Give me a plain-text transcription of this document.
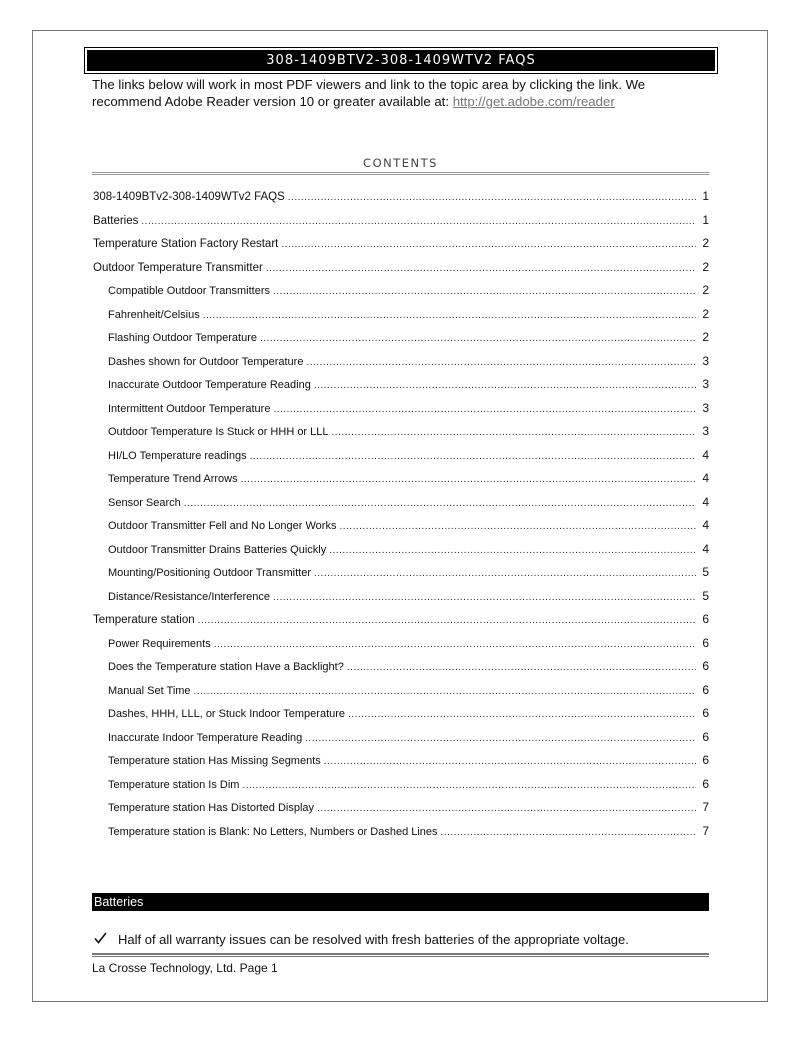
308-1409BTV2-308-1409WTV2 FAQS
The links below will work in most PDF viewers and link to the topic area by clicking the link. We recommend Adobe Reader version 10 or greater available at: http://get.adobe.com/reader
CONTENTS
308-1409BTv2-308-1409WTv2 FAQS .....	1
Batteries .....	1
Temperature Station Factory Restart .....	2
Outdoor Temperature Transmitter .....	2
Compatible Outdoor Transmitters .....	2
Fahrenheit/Celsius .....	2
Flashing Outdoor Temperature .....	2
Dashes shown for Outdoor Temperature .....	3
Inaccurate Outdoor Temperature Reading .....	3
Intermittent Outdoor Temperature .....	3
Outdoor Temperature Is Stuck or HHH or LLL .....	3
HI/LO Temperature readings .....	4
Temperature Trend Arrows .....	4
Sensor Search .....	4
Outdoor Transmitter Fell and No Longer Works .....	4
Outdoor Transmitter Drains Batteries Quickly .....	4
Mounting/Positioning Outdoor Transmitter .....	5
Distance/Resistance/Interference .....	5
Temperature station .....	6
Power Requirements .....	6
Does the Temperature station Have a Backlight? .....	6
Manual Set Time .....	6
Dashes, HHH, LLL, or Stuck Indoor Temperature .....	6
Inaccurate Indoor Temperature Reading .....	6
Temperature station Has Missing Segments .....	6
Temperature station Is Dim .....	6
Temperature station Has Distorted Display .....	7
Temperature station is Blank: No Letters, Numbers or Dashed Lines .....	7
Batteries
Half of all warranty issues can be resolved with fresh batteries of the appropriate voltage.
La Crosse Technology, Ltd. Page 1
